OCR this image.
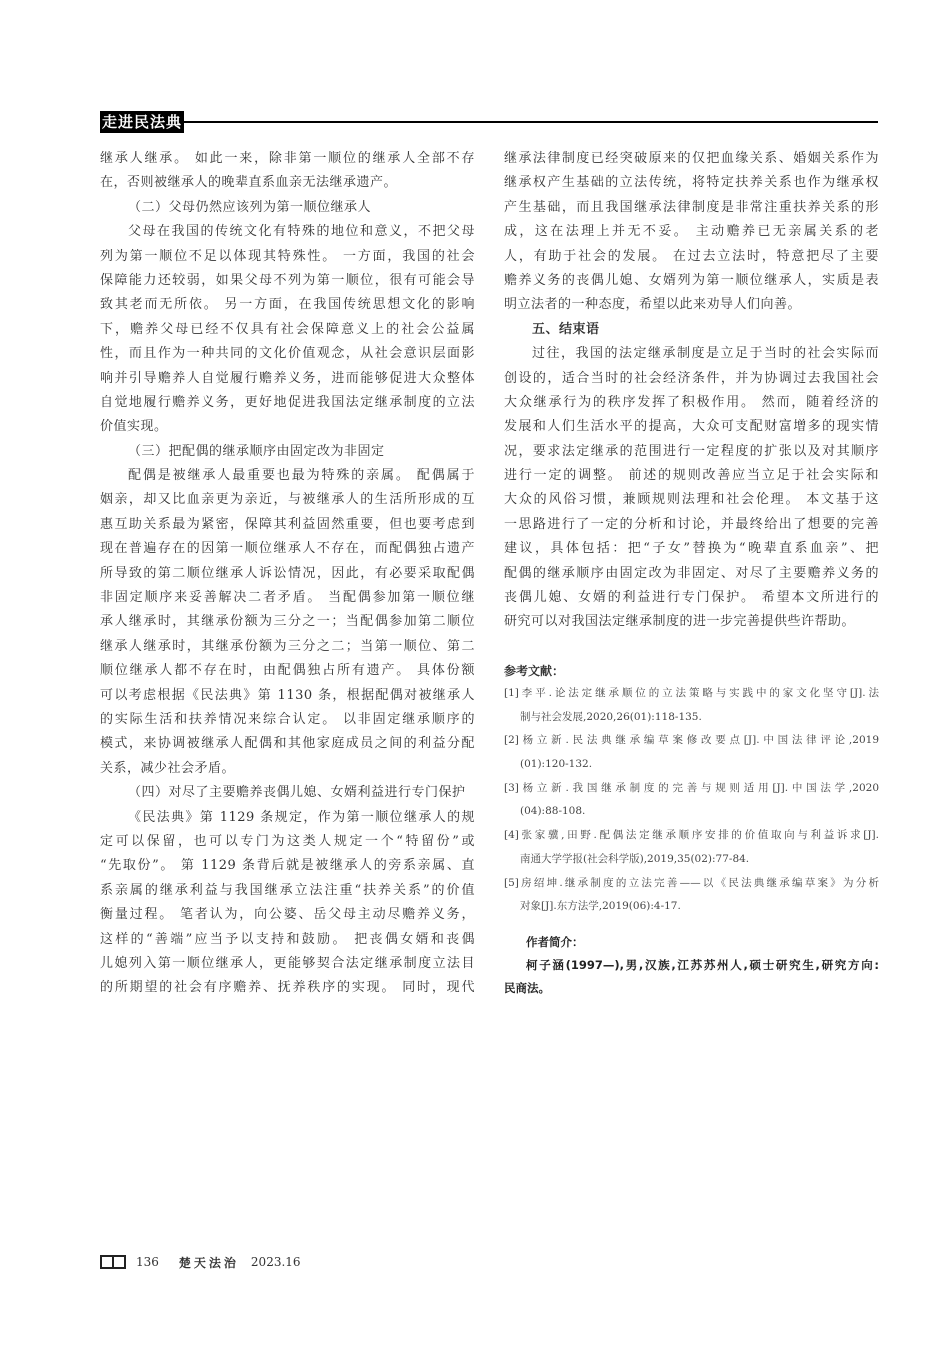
走进民法典
继承人继承。 如此一来，除非第一顺位的继承人全部不存
在，否则被继承人的晚辈直系血亲无法继承遗产。
（二）父母仍然应该列为第一顺位继承人
父母在我国的传统文化有特殊的地位和意义，不把父母
列为第一顺位不足以体现其特殊性。 一方面，我国的社会
保障能力还较弱，如果父母不列为第一顺位，很有可能会导
致其老而无所依。 另一方面，在我国传统思想文化的影响
下，赡养父母已经不仅具有社会保障意义上的社会公益属
性，而且作为一种共同的文化价值观念，从社会意识层面影
响并引导赡养人自觉履行赡养义务，进而能够促进大众整体
自觉地履行赡养义务，更好地促进我国法定继承制度的立法
价值实现。
（三）把配偶的继承顺序由固定改为非固定
配偶是被继承人最重要也最为特殊的亲属。 配偶属于
姻亲，却又比血亲更为亲近，与被继承人的生活所形成的互
惠互助关系最为紧密，保障其利益固然重要，但也要考虑到
现在普遍存在的因第一顺位继承人不存在，而配偶独占遗产
所导致的第二顺位继承人诉讼情况，因此，有必要采取配偶
非固定顺序来妥善解决二者矛盾。 当配偶参加第一顺位继
承人继承时，其继承份额为三分之一；当配偶参加第二顺位
继承人继承时，其继承份额为三分之二；当第一顺位、第二
顺位继承人都不存在时，由配偶独占所有遗产。 具体份额
可以考虑根据《民法典》第 1130 条，根据配偶对被继承人
的实际生活和扶养情况来综合认定。 以非固定继承顺序的
模式，来协调被继承人配偶和其他家庭成员之间的利益分配
关系，减少社会矛盾。
（四）对尽了主要赡养丧偶儿媳、女婿利益进行专门保护
《民法典》第 1129 条规定，作为第一顺位继承人的规
定可以保留，也可以专门为这类人规定一个“特留份”或
“先取份”。 第 1129 条背后就是被继承人的旁系亲属、直
系亲属的继承利益与我国继承立法注重“扶养关系”的价值
衡量过程。 笔者认为，向公婆、岳父母主动尽赡养义务，
这样的“善端”应当予以支持和鼓励。 把丧偶女婿和丧偶
儿媳列入第一顺位继承人，更能够契合法定继承制度立法目
的所期望的社会有序赡养、抚养秩序的实现。 同时，现代
继承法律制度已经突破原来的仅把血缘关系、婚姻关系作为
继承权产生基础的立法传统，将特定扶养关系也作为继承权
产生基础，而且我国继承法律制度是非常注重扶养关系的形
成，这在法理上并无不妥。 主动赡养已无亲属关系的老
人，有助于社会的发展。 在过去立法时，特意把尽了主要
赡养义务的丧偶儿媳、女婿列为第一顺位继承人，实质是表
明立法者的一种态度，希望以此来劝导人们向善。
五、结束语
过往，我国的法定继承制度是立足于当时的社会实际而
创设的，适合当时的社会经济条件，并为协调过去我国社会
大众继承行为的秩序发挥了积极作用。 然而，随着经济的
发展和人们生活水平的提高，大众可支配财富增多的现实情
况，要求法定继承的范围进行一定程度的扩张以及对其顺序
进行一定的调整。 前述的规则改善应当立足于社会实际和
大众的风俗习惯，兼顾规则法理和社会伦理。 本文基于这
一思路进行了一定的分析和讨论，并最终给出了想要的完善
建议，具体包括：把“子女”替换为“晚辈直系血亲”、把
配偶的继承顺序由固定改为非固定、对尽了主要赡养义务的
丧偶儿媳、女婿的利益进行专门保护。 希望本文所进行的
研究可以对我国法定继承制度的进一步完善提供些许帮助。
参考文献：
[1]李平.论法定继承顺位的立法策略与实践中的家文化坚守[J].法
制与社会发展,2020,26(01):118-135.
[2]杨立新.民法典继承编草案修改要点[J].中国法律评论,2019
(01):120-132.
[3]杨立新.我国继承制度的完善与规则适用[J].中国法学,2020
(04):88-108.
[4]张家骥,田野.配偶法定继承顺序安排的价值取向与利益诉求[J].
南通大学学报(社会科学版),2019,35(02):77-84.
[5]房绍坤.继承制度的立法完善——以《民法典继承编草案》为分析
对象[J].东方法学,2019(06):4-17.
作者简介：
柯子涵(1997—),男,汉族,江苏苏州人,硕士研究生,研究方向:
民商法。
136 楚天法治 2023.16
